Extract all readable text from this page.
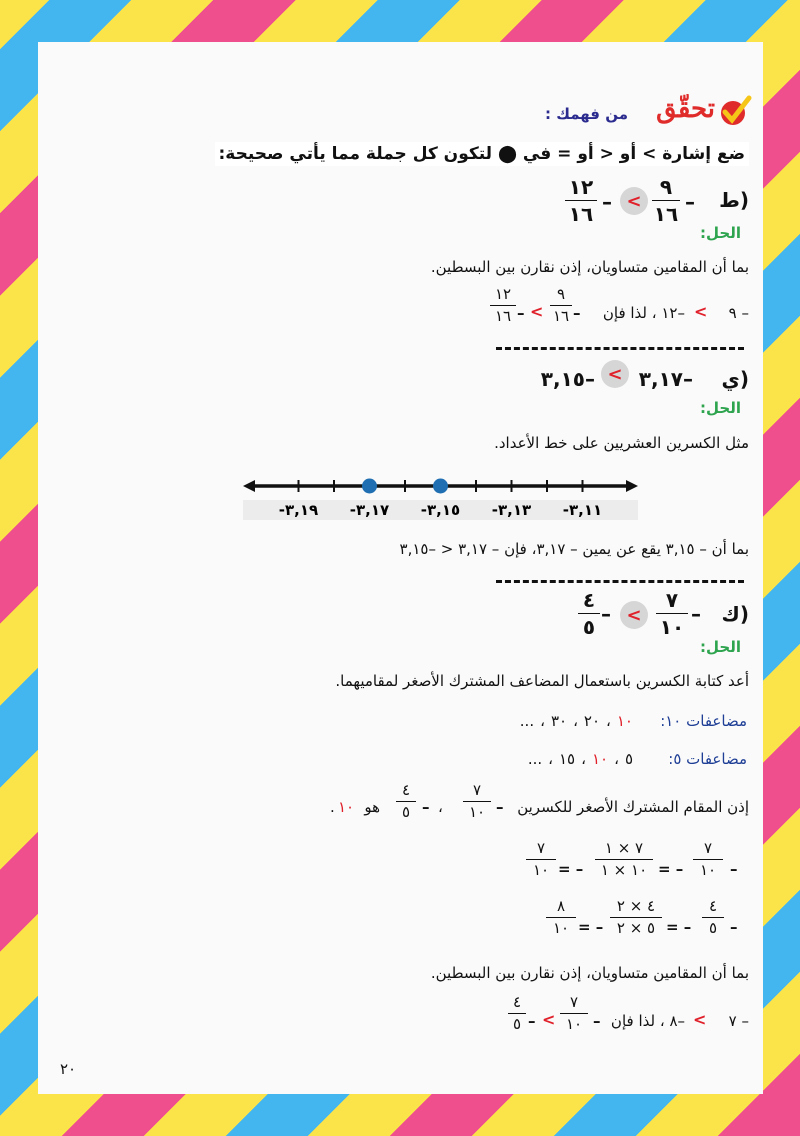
تحقّق
من فهمك :
ضع إشارة > أو < أو = في ⬤ لتكون كل جملة مما يأتي صحيحة:
ط)
–
٩
١٦
<
–
١٢
١٦
الحل:
بما أن المقامين متساويان، إذن نقارن بين البسطين.
– ٩
<
–١٢ ، لذا فإن
–
٩
١٦
<
–
١٢
١٦
ي)
–٣,١٧
<
–٣,١٥
الحل:
مثل الكسرين العشريين على خط الأعداد.
-٣,١٩ -٣,١٧ -٣,١٥ -٣,١٣ -٣,١١
بما أن – ٣,١٥ يقع عن يمين – ٣,١٧، فإن – ٣,١٧ < –٣,١٥
ك)
–
٧
١٠
<
–
٤
٥
الحل:
أعد كتابة الكسرين باستعمال المضاعف المشترك الأصغر لمقاميهما.
مضاعفات ١٠:
١٠
،
٢٠
،
٣٠
،
...
مضاعفات ٥:
٥
،
١٠
،
١٥
،
...
إذن المقام المشترك الأصغر للكسرين
–
٧
١٠
،
–
٤
٥
هو
١٠
.
–
٧
١٠
= –
٧ × ١
١٠ × ١
= –
٧
١٠
–
٤
٥
= –
٤ × ٢
٥ × ٢
= –
٨
١٠
بما أن المقامين متساويان، إذن نقارن بين البسطين.
– ٧
<
–٨ ، لذا فإن
–
٧
١٠
<
–
٤
٥
٢٠
